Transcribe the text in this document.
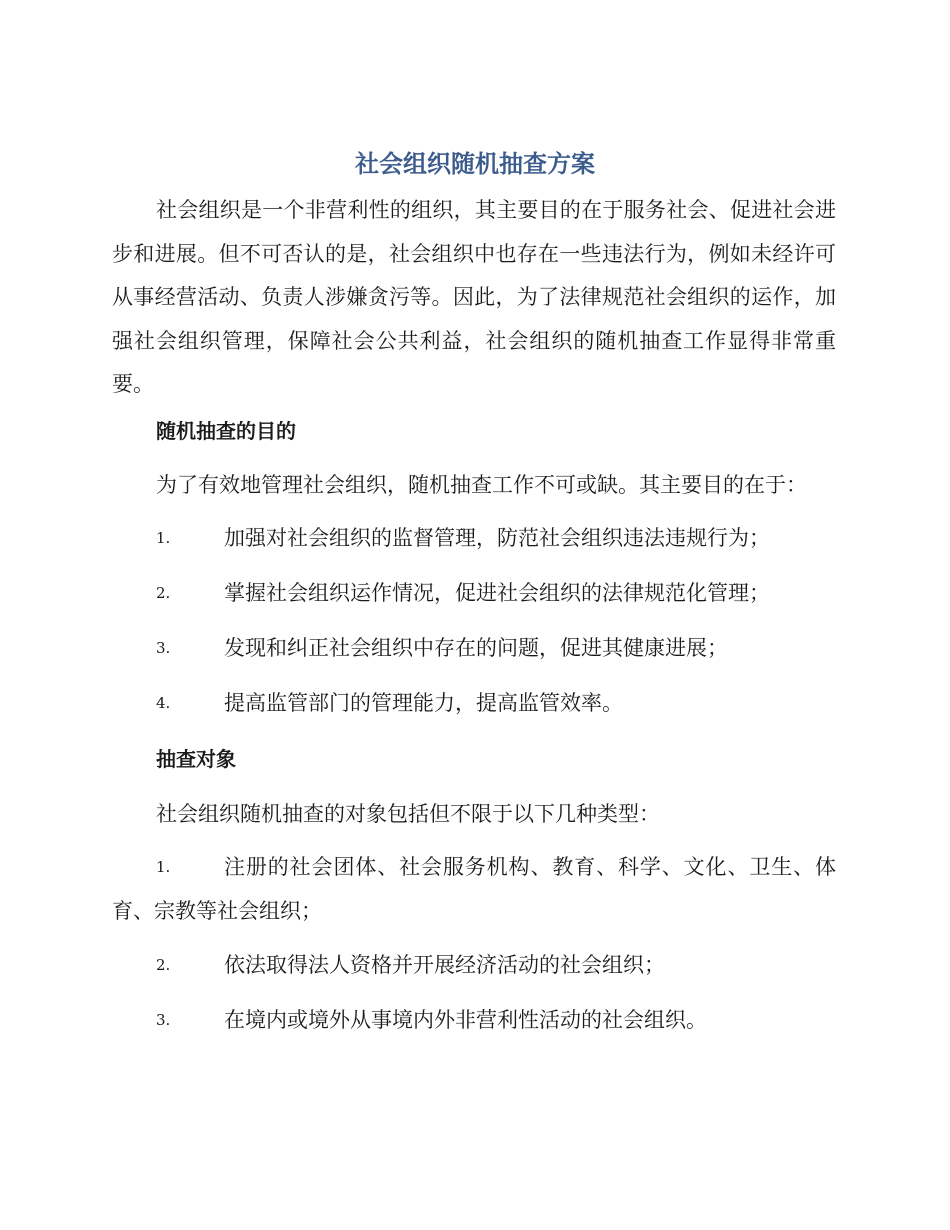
社会组织随机抽查方案

社会组织是一个非营利性的组织，其主要目的在于服务社会、促进社会进步和进展。但不可否认的是，社会组织中也存在一些违法行为，例如未经许可从事经营活动、负责人涉嫌贪污等。因此，为了法律规范社会组织的运作，加强社会组织管理，保障社会公共利益，社会组织的随机抽查工作显得非常重要。

随机抽查的目的

为了有效地管理社会组织，随机抽查工作不可或缺。其主要目的在于：

1.	加强对社会组织的监督管理，防范社会组织违法违规行为；
2.	掌握社会组织运作情况，促进社会组织的法律规范化管理；
3.	发现和纠正社会组织中存在的问题，促进其健康进展；
4.	提高监管部门的管理能力，提高监管效率。

抽查对象

社会组织随机抽查的对象包括但不限于以下几种类型：

1.	注册的社会团体、社会服务机构、教育、科学、文化、卫生、体育、宗教等社会组织；
2.	依法取得法人资格并开展经济活动的社会组织；
3.	在境内或境外从事境内外非营利性活动的社会组织。
